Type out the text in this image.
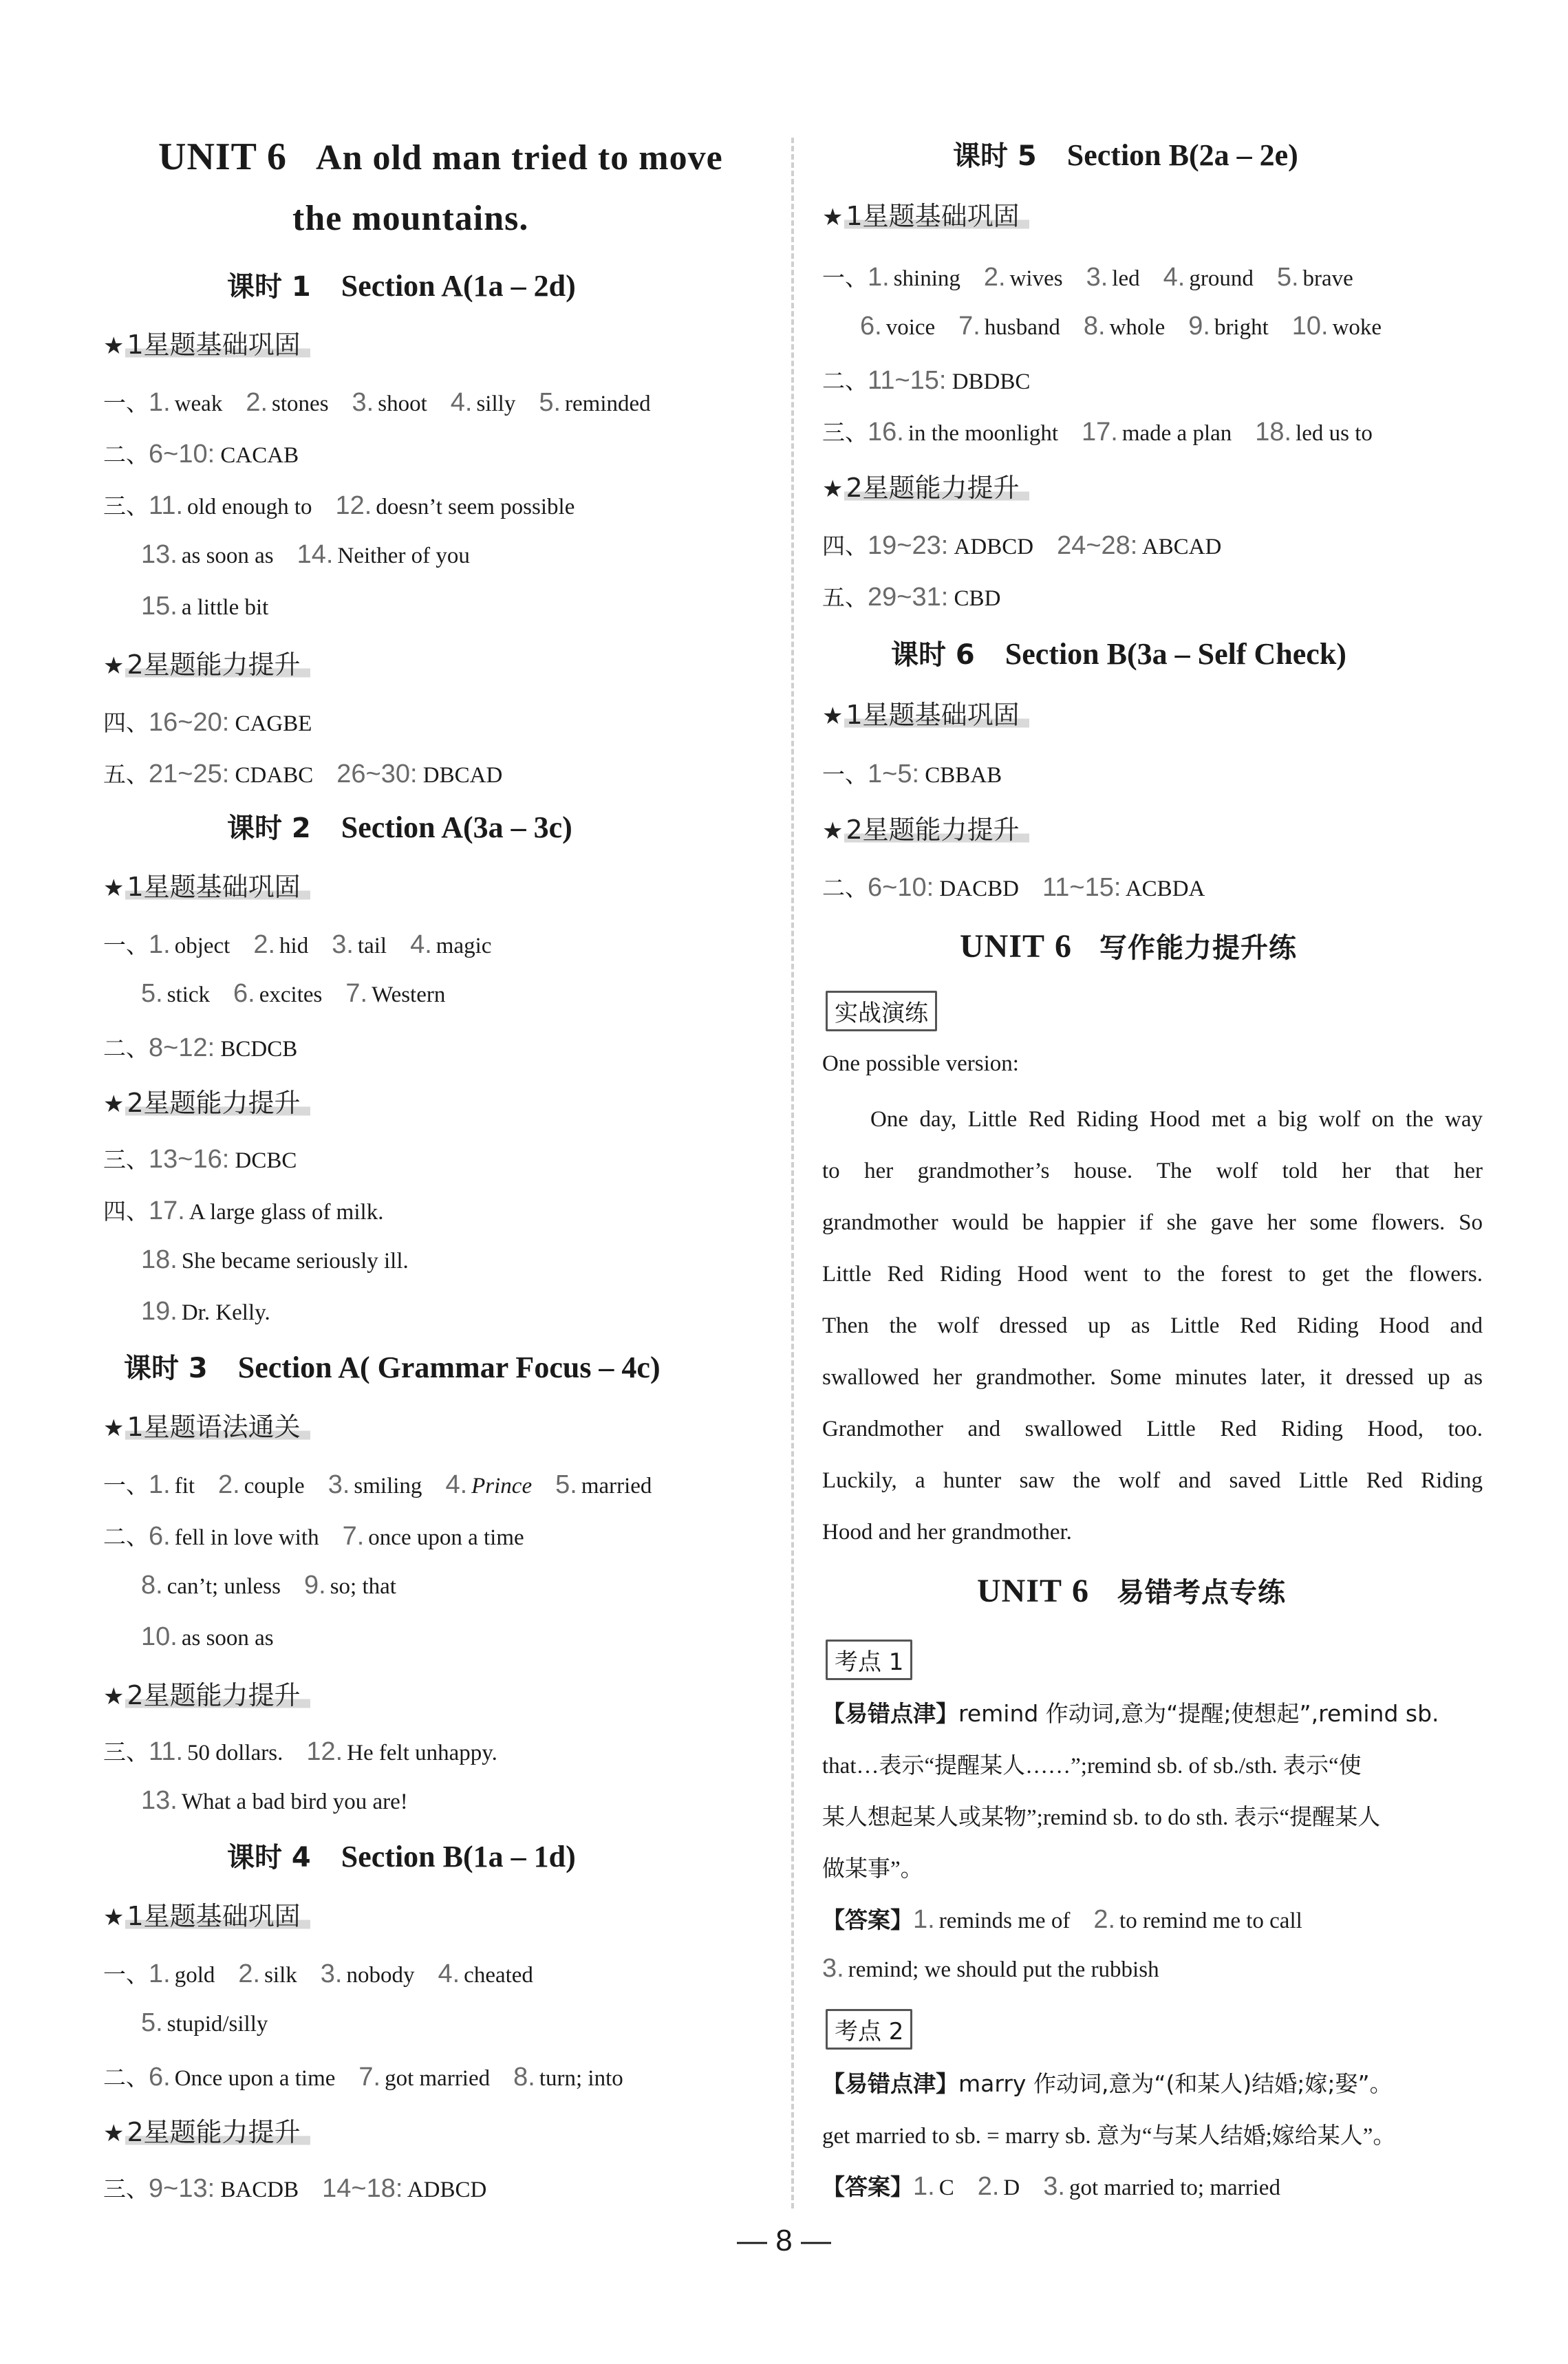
UNIT 6 An old man tried to move
the mountains.
课时 1 Section A(1a – 2d)
★ 1星题基础巩固
一、1. weak 2. stones 3. shoot 4. silly 5. reminded
二、6~10: CACAB
三、11. old enough to 12. doesn’t seem possible
13. as soon as 14. Neither of you
15. a little bit
★ 2星题能力提升
四、16~20: CAGBE
五、21~25: CDABC 26~30: DBCAD
课时 2 Section A(3a – 3c)
★ 1星题基础巩固
一、1. object 2. hid 3. tail 4. magic
5. stick 6. excites 7. Western
二、8~12: BCDCB
★ 2星题能力提升
三、13~16: DCBC
四、17. A large glass of milk.
18. She became seriously ill.
19. Dr. Kelly.
课时 3 Section A( Grammar Focus – 4c)
★ 1星题语法通关
一、1. fit 2. couple 3. smiling 4. Prince 5. married
二、6. fell in love with 7. once upon a time
8. can’t; unless 9. so; that
10. as soon as
★ 2星题能力提升
三、11. 50 dollars. 12. He felt unhappy.
13. What a bad bird you are!
课时 4 Section B(1a – 1d)
★ 1星题基础巩固
一、1. gold 2. silk 3. nobody 4. cheated
5. stupid/silly
二、6. Once upon a time 7. got married 8. turn; into
★ 2星题能力提升
三、9~13: BACDB 14~18: ADBCD
课时 5 Section B(2a – 2e)
★ 1星题基础巩固
一、1. shining 2. wives 3. led 4. ground 5. brave
6. voice 7. husband 8. whole 9. bright 10. woke
二、11~15: DBDBC
三、16. in the moonlight 17. made a plan 18. led us to
★ 2星题能力提升
四、19~23: ADBCD 24~28: ABCAD
五、29~31: CBD
课时 6 Section B(3a – Self Check)
★ 1星题基础巩固
一、1~5: CBBAB
★ 2星题能力提升
二、6~10: DACBD 11~15: ACBDA
UNIT 6 写作能力提升练
实战演练
One possible version:
One day, Little Red Riding Hood met a big wolf on the way
to her grandmother’s house. The wolf told her that her
grandmother would be happier if she gave her some flowers. So
Little Red Riding Hood went to the forest to get the flowers.
Then the wolf dressed up as Little Red Riding Hood and
swallowed her grandmother. Some minutes later, it dressed up as
Grandmother and swallowed Little Red Riding Hood, too.
Luckily, a hunter saw the wolf and saved Little Red Riding
Hood and her grandmother.
UNIT 6 易错考点专练
考点 1
【易错点津】remind 作动词,意为“提醒;使想起”,remind sb.
that…表示“提醒某人……”;remind sb. of sb./sth. 表示“使
某人想起某人或某物”;remind sb. to do sth. 表示“提醒某人
做某事”。
【答案】1. reminds me of 2. to remind me to call
3. remind; we should put the rubbish
考点 2
【易错点津】marry 作动词,意为“(和某人)结婚;嫁;娶”。
get married to sb. = marry sb. 意为“与某人结婚;嫁给某人”。
【答案】1. C 2. D 3. got married to; married
— 8 —
